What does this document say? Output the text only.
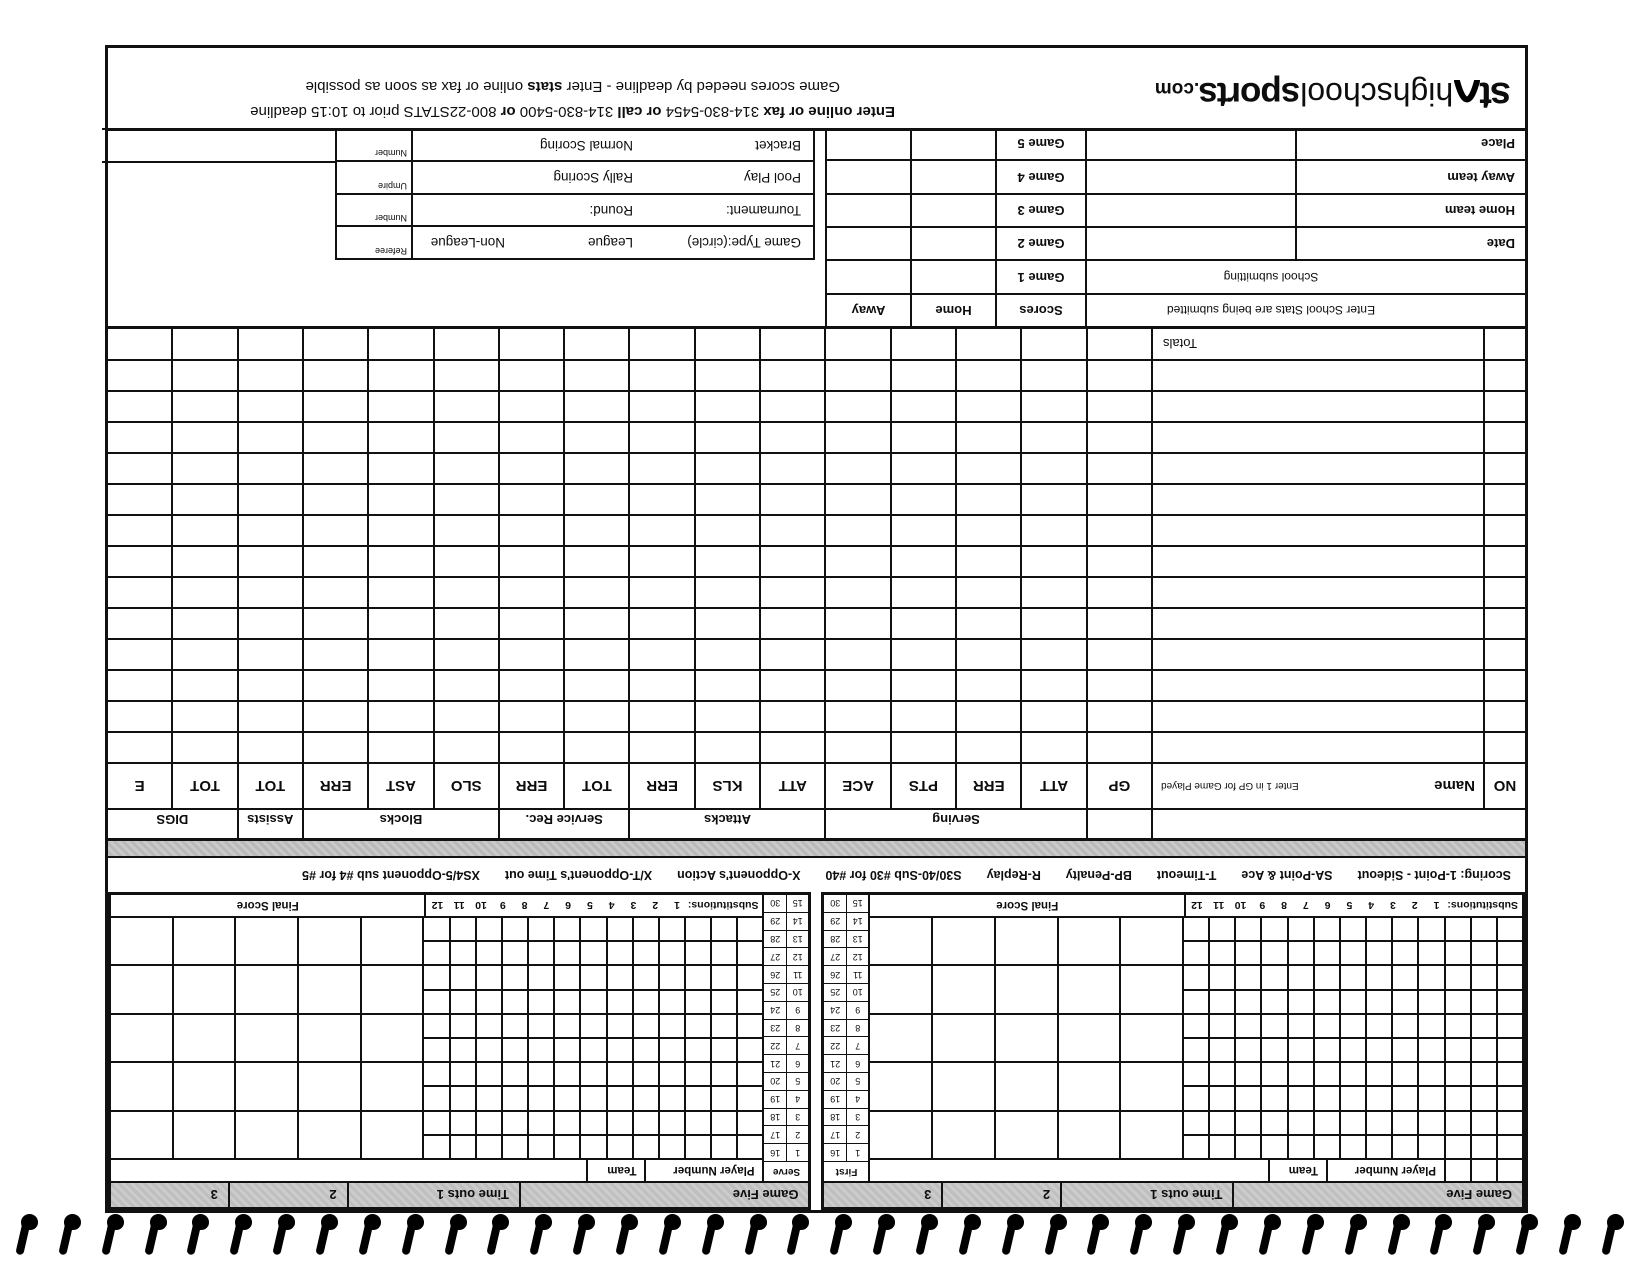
Game Five
Time outs 1
2
3
Player Number
Team
Substitutions:
1
2
3
4
5
6
7
8
9
10
11
12
Final Score
First
1
16
2
17
3
18
4
19
5
20
6
21
7
22
8
23
9
24
10
25
11
26
12
27
13
28
14
29
15
30
Game Five
Time outs 1
2
3
Serve
1
16
2
17
3
18
4
19
5
20
6
21
7
22
8
23
9
24
10
25
11
26
12
27
13
28
14
29
15
30
Player Number
Team
Substitutions:
1
2
3
4
5
6
7
8
9
10
11
12
Final Score
Scoring: 1-Point - Sideout
SA-Point & Ace
T-Timeout
BP-Penalty
R-Replay
S30/40-Sub #30 for #40
X-Opponent's Action
X/T-Opponent's Time out
XS4/5-Opponent sub #4 for #5
Serving
Attacks
Service Rec.
Blocks
Assists
DIGS
NO
Name
Enter 1 in GP for Game Played
GP
ATT
ERR
PTS
ACE
ATT
KLS
ERR
TOT
ERR
SLO
AST
ERR
TOT
TOT
E
Totals
Enter School Stats are being submitted
Scores
Home
Away
School submitting
Game 1
Date
Game 2
Home team
Game 3
Away team
Game 4
Place
Game 5
Game Type:(circle)
League
Non-League
Referee
Tournament:
Round:
Number
Pool Play
Rally Scoring
Umpire
Bracket
Normal Scoring
Number
st
highschool
sports
.com
Enter online or fax 314-830-5454 or call 314-830-5400 or 800-22STATS prior to 10:15 deadline
Game scores needed by deadline - Enter stats online or fax as soon as possible
